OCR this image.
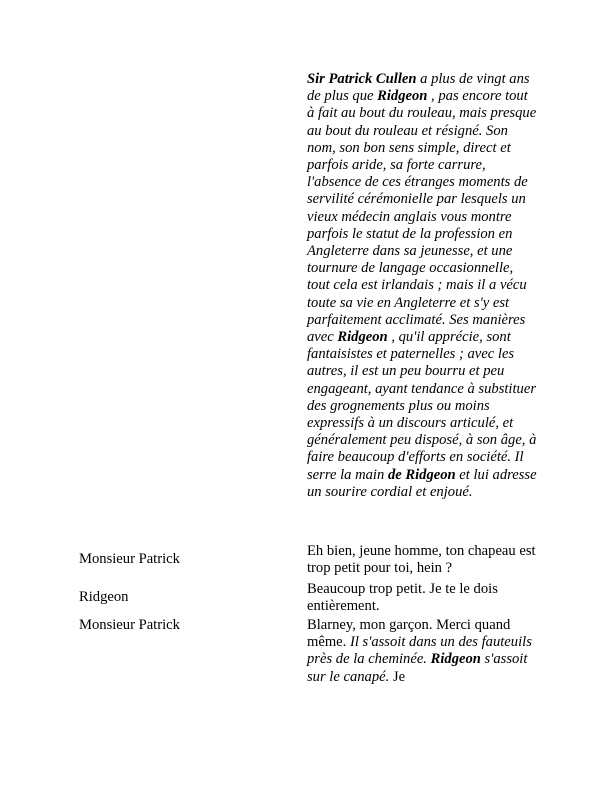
Sir Patrick Cullen a plus de vingt ans de plus que Ridgeon , pas encore tout à fait au bout du rouleau, mais presque au bout du rouleau et résigné. Son nom, son bon sens simple, direct et parfois aride, sa forte carrure, l'absence de ces étranges moments de servilité cérémonielle par lesquels un vieux médecin anglais vous montre parfois le statut de la profession en Angleterre dans sa jeunesse, et une tournure de langage occasionnelle, tout cela est irlandais ; mais il a vécu toute sa vie en Angleterre et s'y est parfaitement acclimaté. Ses manières avec Ridgeon , qu'il apprécie, sont fantaisistes et paternelles ; avec les autres, il est un peu bourru et peu engageant, ayant tendance à substituer des grognements plus ou moins expressifs à un discours articulé, et généralement peu disposé, à son âge, à faire beaucoup d'efforts en société. Il serre la main de Ridgeon et lui adresse un sourire cordial et enjoué.

Monsieur Patrick	Eh bien, jeune homme, ton chapeau est trop petit pour toi, hein ?

Ridgeon	Beaucoup trop petit. Je te le dois entièrement.

Monsieur Patrick	Blarney, mon garçon. Merci quand même. Il s'assoit dans un des fauteuils près de la cheminée. Ridgeon s'assoit sur le canapé. Je
